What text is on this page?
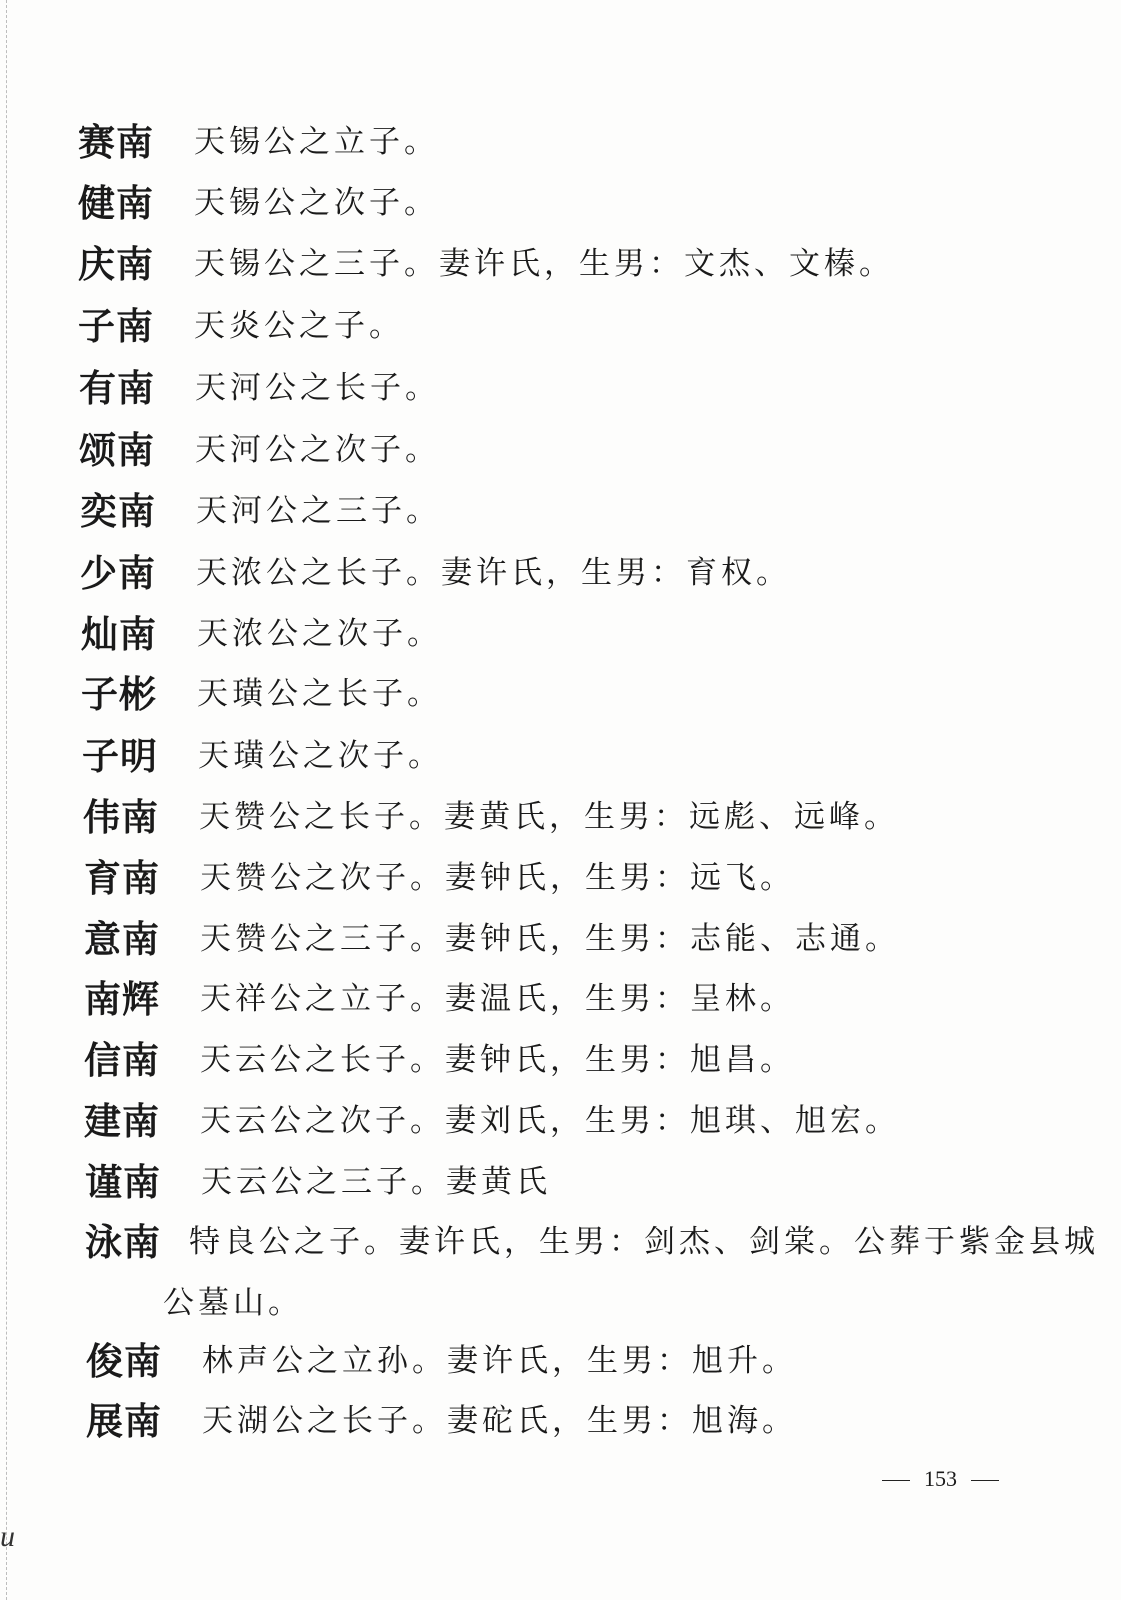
赛南 天锡公之立子。
健南 天锡公之次子。
庆南 天锡公之三子。妻许氏，生男：文杰、文榛。
子南 天炎公之子。
有南 天河公之长子。
颂南 天河公之次子。
奕南 天河公之三子。
少南 天浓公之长子。妻许氏，生男：育权。
灿南 天浓公之次子。
子彬 天璜公之长子。
子明 天璜公之次子。
伟南 天赞公之长子。妻黄氏，生男：远彪、远峰。
育南 天赞公之次子。妻钟氏，生男：远飞。
意南 天赞公之三子。妻钟氏，生男：志能、志通。
南辉 天祥公之立子。妻温氏，生男：呈林。
信南 天云公之长子。妻钟氏，生男：旭昌。
建南 天云公之次子。妻刘氏，生男：旭琪、旭宏。
谨南 天云公之三子。妻黄氏
泳南 特良公之子。妻许氏，生男：剑杰、剑棠。公葬于紫金县城
公墓山。
俊南 林声公之立孙。妻许氏，生男：旭升。
展南 天湖公之长子。妻砣氏，生男：旭海。
153
u
